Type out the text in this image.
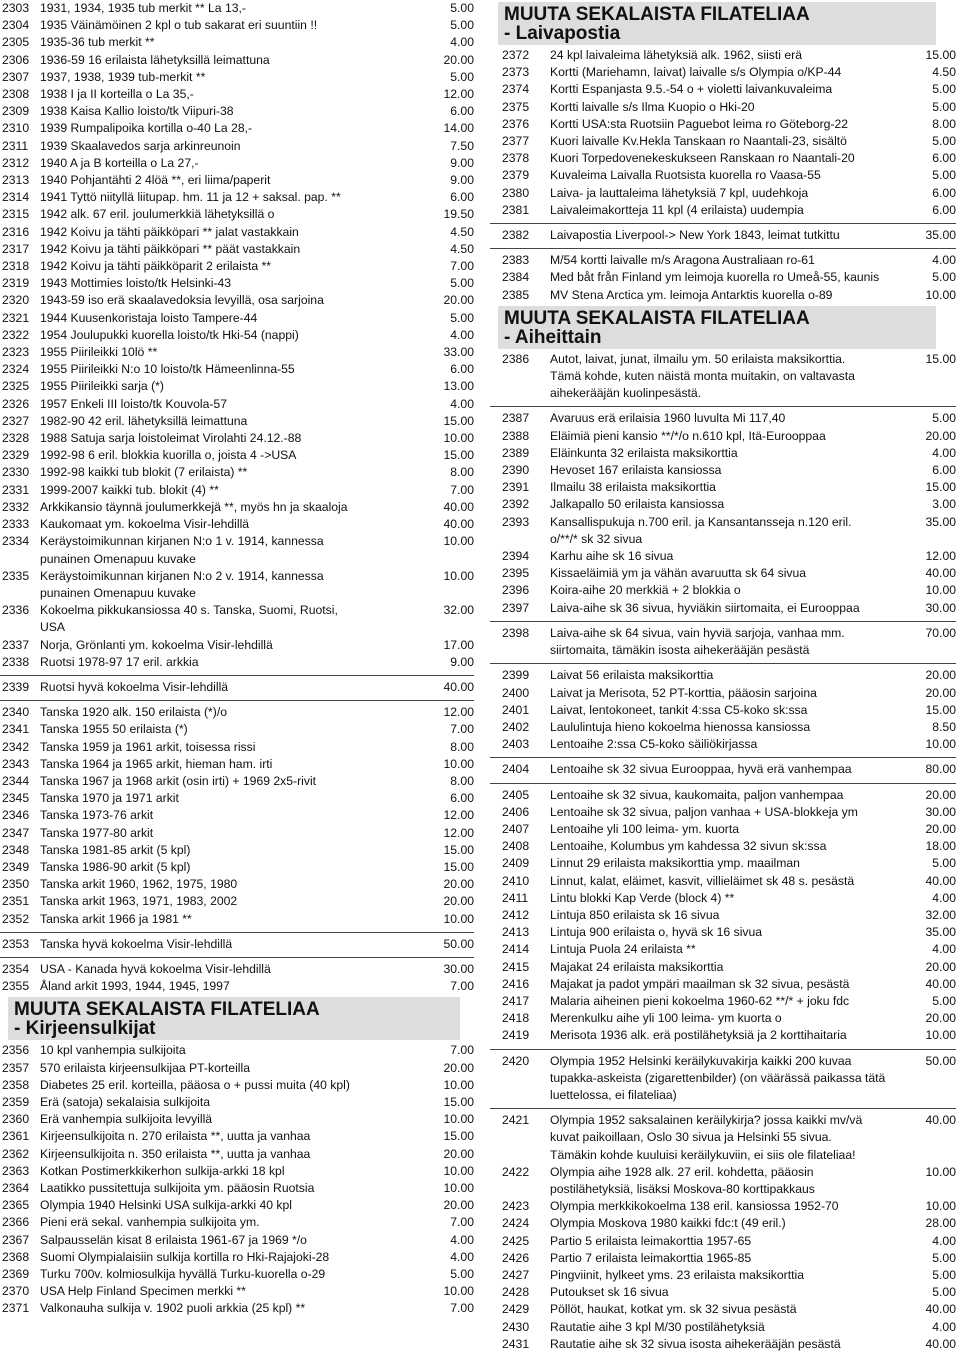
2303 1931, 1934, 1935 tub merkit ** La 13,-	5.00
2304 1935 Väinämöinen 2 kpl o tub sakarat eri suuntiin !!	5.00
2305 1935-36 tub merkit **	4.00
2306 1936-59 16 erilaista lähetyksillä leimattuna	20.00
2307 1937, 1938, 1939 tub-merkit **	5.00
2308 1938 I ja II korteilla o La 35,-	12.00
2309 1938 Kaisa Kallio loisto/tk Viipuri-38	6.00
2310 1939 Rumpalipoika kortilla o-40 La 28,-	14.00
2311 1939 Skaalavedos sarja arkinreunoin	7.50
2312 1940 A ja B korteilla o La 27,-	9.00
2313 1940 Pohjantähti 2 4löä **, eri liima/paperit	9.00
2314 1941 Tyttö niityllä liitupap. hm. 11 ja 12 + saksal. pap. **	6.00
2315 1942 alk. 67 eril. joulumerkkiä lähetyksillä o	19.50
2316 1942 Koivu ja tähti päikköpari ** jalat vastakkain	4.50
2317 1942 Koivu ja tähti päikköpari ** päät vastakkain	4.50
2318 1942 Koivu ja tähti päikköparit 2 erilaista **	7.00
2319 1943 Mottimies loisto/tk Helsinki-43	5.00
2320 1943-59 iso erä skaalavedoksia levyillä, osa sarjoina	20.00
2321 1944 Kuusenkoristaja loisto Tampere-44	5.00
2322 1954 Joulupukki kuorella loisto/tk Hki-54 (nappi)	4.00
2323 1955 Piirileikki 10lö **	33.00
2324 1955 Piirileikki N:o 10 loisto/tk Hämeenlinna-55	6.00
2325 1955 Piirileikki sarja (*)	13.00
2326 1957 Enkeli III loisto/tk Kouvola-57	4.00
2327 1982-90 42 eril. lähetyksillä leimattuna	15.00
2328 1988 Satuja sarja loistoleimat Virolahti 24.12.-88	10.00
2329 1992-98 6 eril. blokkia kuorilla o, joista 4 ->USA	15.00
2330 1992-98 kaikki tub blokit (7 erilaista) **	8.00
2331 1999-2007 kaikki tub. blokit (4) **	7.00
2332 Arkkikansio täynnä joulumerkkejä **, myös hn ja skaaloja	40.00
2333 Kaukomaat ym. kokoelma Visir-lehdillä	40.00
2334 Keräystoimikunnan kirjanen N:o 1 v. 1914, kannessa
punainen Omenapuu kuvake
10.00
2335 Keräystoimikunnan kirjanen N:o 2 v. 1914, kannessa
punainen Omenapuu kuvake
10.00
2336 Kokoelma pikkukansiossa 40 s. Tanska, Suomi, Ruotsi,
USA
32.00
2337 Norja, Grönlanti ym. kokoelma Visir-lehdillä	17.00
2338 Ruotsi 1978-97 17 eril. arkkia	9.00
2339 Ruotsi hyvä kokoelma Visir-lehdillä	40.00
2340 Tanska 1920 alk. 150 erilaista (*)/o	12.00
2341 Tanska 1955 50 erilaista (*)	7.00
2342 Tanska 1959 ja 1961 arkit, toisessa rissi	8.00
2343 Tanska 1964 ja 1965 arkit, hieman ham. irti	10.00
2344 Tanska 1967 ja 1968 arkit (osin irti) + 1969 2x5-rivit	8.00
2345 Tanska 1970 ja 1971 arkit	6.00
2346 Tanska 1973-76 arkit	12.00
2347 Tanska 1977-80 arkit	12.00
2348 Tanska 1981-85 arkit (5 kpl)	15.00
2349 Tanska 1986-90 arkit (5 kpl)	15.00
2350 Tanska arkit 1960, 1962, 1975, 1980	20.00
2351 Tanska arkit 1963, 1971, 1983, 2002	20.00
2352 Tanska arkit 1966 ja 1981 **	10.00
2353 Tanska hyvä kokoelma Visir-lehdillä	50.00
2354 USA - Kanada hyvä kokoelma Visir-lehdillä	30.00
2355 Åland arkit 1993, 1944, 1945, 1997	7.00
MUUTA SEKALAISTA FILATELIAA
- Kirjeensulkijat
2356 10 kpl vanhempia sulkijoita	7.00
2357 570 erilaista kirjeensulkijaa PT-korteilla	20.00
2358 Diabetes 25 eril. korteilla, pääosa o + pussi muita (40 kpl)	10.00
2359 Erä (satoja) sekalaisia sulkijoita	15.00
2360 Erä vanhempia sulkijoita levyillä	10.00
2361 Kirjeensulkijoita n. 270 erilaista **, uutta ja vanhaa	15.00
2362 Kirjeensulkijoita n. 350 erilaista **, uutta ja vanhaa	20.00
2363 Kotkan Postimerkkikerhon sulkija-arkki 18 kpl	10.00
2364 Laatikko pussitettuja sulkijoita ym. pääosin Ruotsia	10.00
2365 Olympia 1940 Helsinki USA sulkija-arkki 40 kpl	20.00
2366 Pieni erä sekal. vanhempia sulkijoita ym.	7.00
2367 Salpausselän kisat 8 erilaista 1961-67 ja 1969 */o	4.00
2368 Suomi Olympialaisiin sulkija kortilla ro Hki-Rajajoki-28	4.00
2369 Turku 700v. kolmiosulkija hyvällä Turku-kuorella o-29	5.00
2370 USA Help Finland Specimen merkki **	10.00
2371 Valkonauha sulkija v. 1902 puoli arkkia (25 kpl) **	7.00
MUUTA SEKALAISTA FILATELIAA
- Laivapostia
2372	24 kpl laivaleima lähetyksiä alk. 1962, siisti erä	15.00
2373	Kortti (Mariehamn, laivat) laivalle s/s Olympia o/KP-44	4.50
2374	Kortti Espanjasta 9.5.-54 o + violetti laivankuvaleima	5.00
2375	Kortti laivalle s/s Ilma Kuopio o Hki-20	5.00
2376	Kortti USA:sta Ruotsiin Paguebot leima ro Göteborg-22	8.00
2377	Kuori laivalle Kv.Hekla Tanskaan ro Naantali-23, sisältö	5.00
2378	Kuori Torpedovenekeskukseen Ranskaan ro Naantali-20	6.00
2379	Kuvaleima Laivalla Ruotsista kuorella ro Vaasa-55	5.00
2380	Laiva- ja lauttaleima lähetyksiä 7 kpl, uudehkoja	6.00
2381	Laivaleimakortteja 11 kpl (4 erilaista) uudempia	6.00
2382	Laivapostia Liverpool-> New York 1843, leimat tutkittu	35.00
2383	M/54 kortti laivalle m/s Aragona Australiaan ro-61	4.00
2384	Med båt från Finland ym leimoja kuorella ro Umeå-55, kaunis	5.00
2385	MV Stena Arctica ym. leimoja Antarktis kuorella o-89	10.00
MUUTA SEKALAISTA FILATELIAA
- Aiheittain
2386	Autot, laivat, junat, ilmailu ym. 50 erilaista maksikorttia.
Tämä kohde, kuten näistä monta muitakin, on valtavasta
aihekerääjän kuolinpesästä.
15.00
2387	Avaruus erä erilaisia 1960 luvulta Mi 117,40	5.00
2388	Eläimiä pieni kansio **/*/o n.610 kpl, Itä-Eurooppaa	20.00
2389	Eläinkunta 32 erilaista maksikorttia	4.00
2390	Hevoset 167 erilaista kansiossa	6.00
2391	Ilmailu 38 erilaista maksikorttia	15.00
2392	Jalkapallo 50 erilaista kansiossa	3.00
2393	Kansallispukuja n.700 eril. ja Kansantansseja n.120 eril.
o/**/* sk 32 sivua
35.00
2394	Karhu aihe sk 16 sivua	12.00
2395	Kissaeläimiä ym ja vähän avaruutta sk 64 sivua	40.00
2396	Koira-aihe 20 merkkiä + 2 blokkia o	10.00
2397	Laiva-aihe sk 36 sivua, hyviäkin siirtomaita, ei Eurooppaa	30.00
2398	Laiva-aihe sk 64 sivua, vain hyviä sarjoja, vanhaa mm.
siirtomaita, tämäkin isosta aihekerääjän pesästä
70.00
2399	Laivat 56 erilaista maksikorttia	20.00
2400	Laivat ja Merisota, 52 PT-korttia, pääosin sarjoina	20.00
2401	Laivat, lentokoneet, tankit 4:ssa C5-koko sk:ssa	15.00
2402	Laululintuja hieno kokoelma hienossa kansiossa	8.50
2403	Lentoaihe 2:ssa C5-koko säiliökirjassa	10.00
2404	Lentoaihe sk 32 sivua Eurooppaa, hyvä erä vanhempaa	80.00
2405	Lentoaihe sk 32 sivua, kaukomaita, paljon vanhempaa	20.00
2406	Lentoaihe sk 32 sivua, paljon vanhaa + USA-blokkeja ym	30.00
2407	Lentoaihe yli 100 leima- ym. kuorta	20.00
2408	Lentoaihe, Kolumbus ym kahdessa 32 sivun sk:ssa	18.00
2409	Linnut 29 erilaista maksikorttia ymp. maailman	5.00
2410	Linnut, kalat, eläimet, kasvit, villieläimet sk 48 s. pesästä	40.00
2411	Lintu blokki Kap Verde (block 4) **	4.00
2412	Lintuja 850 erilaista sk 16 sivua	32.00
2413	Lintuja 900 erilaista o, hyvä sk 16 sivua	35.00
2414	Lintuja Puola 24 erilaista **	4.00
2415	Majakat 24 erilaista maksikorttia	20.00
2416	Majakat ja padot ympäri maailman sk 32 sivua, pesästä	40.00
2417	Malaria aiheinen pieni kokoelma 1960-62 **/* + joku fdc	5.00
2418	Merenkulku aihe yli 100 leima- ym kuorta o	20.00
2419	Merisota 1936 alk. erä postilähetyksiä ja 2 korttihaitaria	10.00
2420	Olympia 1952 Helsinki keräilykuvakirja kaikki 200 kuvaa
tupakka-askeista (zigarettenbilder) (on väärässä paikassa tätä
luettelossa, ei filateliaa)
50.00
2421	Olympia 1952 saksalainen keräilykirja? jossa kaikki mv/vä
kuvat paikoillaan, Oslo 30 sivua ja Helsinki 55 sivua.
Tämäkin kohde kuuluisi keräilykuviin, ei siis ole filateliaa!
40.00
2422	Olympia aihe 1928 alk. 27 eril. kohdetta, pääosin
postilähetyksiä, lisäksi Moskova-80 korttipakkaus
10.00
2423	Olympia merkkikokoelma 138 eril. kansiossa 1952-70	10.00
2424	Olympia Moskova 1980 kaikki fdc:t (49 eril.)	28.00
2425	Partio 5 erilaista leimakorttia 1957-65	4.00
2426	Partio 7 erilaista leimakorttia 1965-85	5.00
2427	Pingviinit, hylkeet yms. 23 erilaista maksikorttia	5.00
2428	Putoukset sk 16 sivua	5.00
2429	Pöllöt, haukat, kotkat ym. sk 32 sivua pesästä	40.00
2430	Rautatie aihe 3 kpl M/30 postilähetyksiä	4.00
2431	Rautatie aihe sk 32 sivua isosta aihekerääjän pesästä	40.00
